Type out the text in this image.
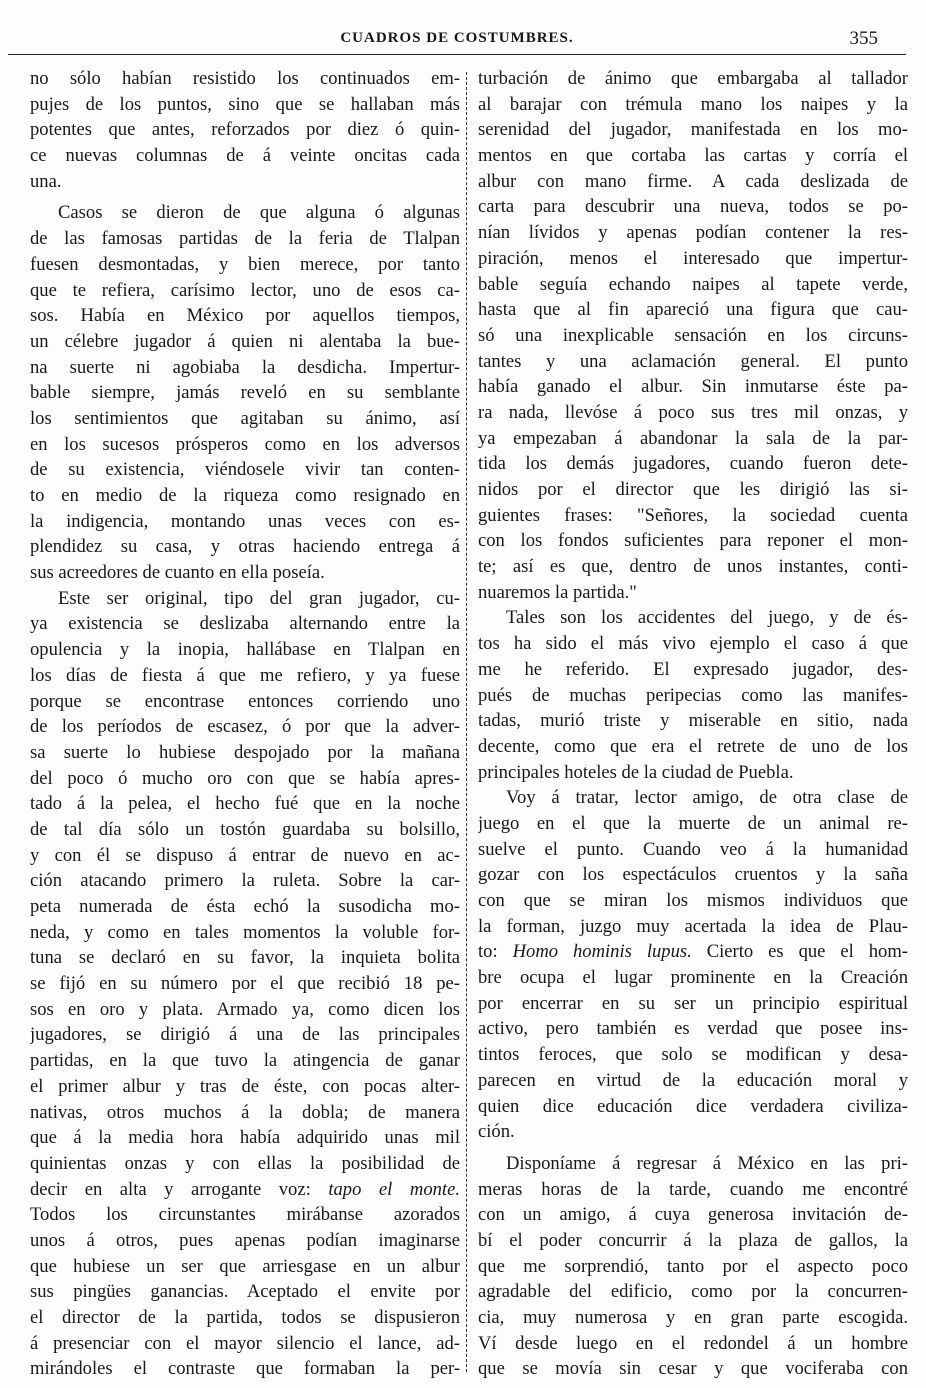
CUADROS DE COSTUMBRES.	355
no sólo habían resistido los continuados em-
pujes de los puntos, sino que se hallaban más
potentes que antes, reforzados por diez ó quin-
ce nuevas columnas de á veinte oncitas cada
una.
Casos se dieron de que alguna ó algunas
de las famosas partidas de la feria de Tlalpan
fuesen desmontadas, y bien merece, por tanto
que te refiera, carísimo lector, uno de esos ca-
sos. Había en México por aquellos tiempos,
un célebre jugador á quien ni alentaba la bue-
na suerte ni agobiaba la desdicha. Impertur-
bable siempre, jamás reveló en su semblante
los sentimientos que agitaban su ánimo, así
en los sucesos prósperos como en los adversos
de su existencia, viéndosele vivir tan conten-
to en medio de la riqueza como resignado en
la indigencia, montando unas veces con es-
plendidez su casa, y otras haciendo entrega á
sus acreedores de cuanto en ella poseía.
Este ser original, tipo del gran jugador, cu-
ya existencia se deslizaba alternando entre la
opulencia y la inopia, hallábase en Tlalpan en
los días de fiesta á que me refiero, y ya fuese
porque se encontrase entonces corriendo uno
de los períodos de escasez, ó por que la adver-
sa suerte lo hubiese despojado por la mañana
del poco ó mucho oro con que se había apres-
tado á la pelea, el hecho fué que en la noche
de tal día sólo un tostón guardaba su bolsillo,
y con él se dispuso á entrar de nuevo en ac-
ción atacando primero la ruleta. Sobre la car-
peta numerada de ésta echó la susodicha mo-
neda, y como en tales momentos la voluble for-
tuna se declaró en su favor, la inquieta bolita
se fijó en su número por el que recibió 18 pe-
sos en oro y plata. Armado ya, como dicen los
jugadores, se dirigió á una de las principales
partidas, en la que tuvo la atingencia de ganar
el primer albur y tras de éste, con pocas alter-
nativas, otros muchos á la dobla; de manera
que á la media hora había adquirido unas mil
quinientas onzas y con ellas la posibilidad de
decir en alta y arrogante voz: tapo el monte.
Todos los circunstantes mirábanse azorados
unos á otros, pues apenas podían imaginarse
que hubiese un ser que arriesgase en un albur
sus pingües ganancias. Aceptado el envite por
el director de la partida, todos se dispusieron
á presenciar con el mayor silencio el lance, ad-
mirándoles el contraste que formaban la per-
turbación de ánimo que embargaba al tallador
al barajar con trémula mano los naipes y la
serenidad del jugador, manifestada en los mo-
mentos en que cortaba las cartas y corría el
albur con mano firme. A cada deslizada de
carta para descubrir una nueva, todos se po-
nían lívidos y apenas podían contener la res-
piración, menos el interesado que impertur-
bable seguía echando naipes al tapete verde,
hasta que al fin apareció una figura que cau-
só una inexplicable sensación en los circuns-
tantes y una aclamación general. El punto
había ganado el albur. Sin inmutarse éste pa-
ra nada, llevóse á poco sus tres mil onzas, y
ya empezaban á abandonar la sala de la par-
tida los demás jugadores, cuando fueron dete-
nidos por el director que les dirigió las si-
guientes frases: "Señores, la sociedad cuenta
con los fondos suficientes para reponer el mon-
te; así es que, dentro de unos instantes, conti-
nuaremos la partida."
Tales son los accidentes del juego, y de és-
tos ha sido el más vivo ejemplo el caso á que
me he referido. El expresado jugador, des-
pués de muchas peripecias como las manifes-
tadas, murió triste y miserable en sitio, nada
decente, como que era el retrete de uno de los
principales hoteles de la ciudad de Puebla.
Voy á tratar, lector amigo, de otra clase de
juego en el que la muerte de un animal re-
suelve el punto. Cuando veo á la humanidad
gozar con los espectáculos cruentos y la saña
con que se miran los mismos individuos que
la forman, juzgo muy acertada la idea de Plau-
to: Homo hominis lupus. Cierto es que el hom-
bre ocupa el lugar prominente en la Creación
por encerrar en su ser un principio espiritual
activo, pero también es verdad que posee ins-
tintos feroces, que solo se modifican y desa-
parecen en virtud de la educación moral y
quien dice educación dice verdadera civiliza-
ción.
Disponíame á regresar á México en las pri-
meras horas de la tarde, cuando me encontré
con un amigo, á cuya generosa invitación de-
bí el poder concurrir á la plaza de gallos, la
que me sorprendió, tanto por el aspecto poco
agradable del edificio, como por la concurren-
cia, muy numerosa y en gran parte escogida.
Ví desde luego en el redondel á un hombre
que se movía sin cesar y que vociferaba con
